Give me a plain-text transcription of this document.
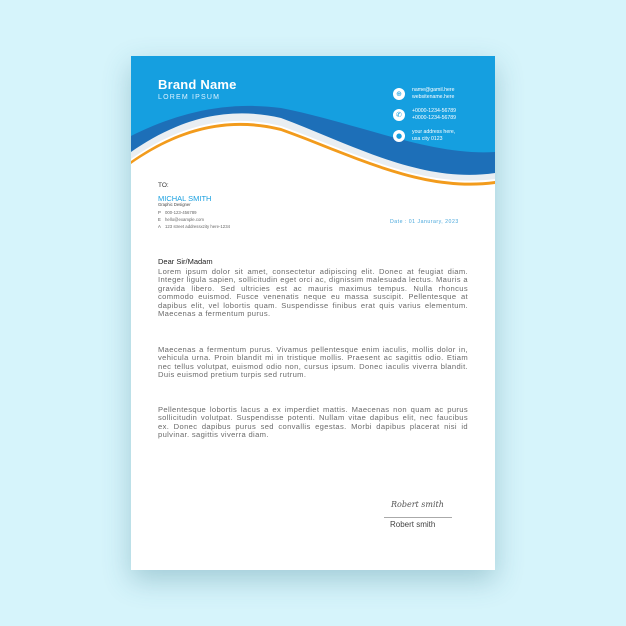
Brand Name
LOREM IPSUM	⊕	name@gamil.here
websitename.here
✆	+0000-1234-56789
+0000-1234-56789
●	your address here,
usa city 0123
TO:
MICHAL SMITH
Graphic Designer
P 000-123-456789
E hello@example.com
A 123 street addressxzity here-1234
Date : 01 Janurary, 2023
Dear Sir/Madam

Lorem ipsum dolor sit amet, consectetur adipiscing elit. Donec at feugiat diam. Integer ligula sapien, sollicitudin eget orci ac, dignissim malesuada lectus. Mauris a gravida libero. Sed ultricies est ac mauris maximus tempus. Nulla rhoncus commodo euismod. Fusce venenatis neque eu massa suscipit. Pellentesque at dapibus elit, vel lobortis quam. Suspendisse finibus erat quis varius elementum. Maecenas a fermentum purus.

Maecenas a fermentum purus. Vivamus pellentesque enim iaculis, mollis dolor in, vehicula urna. Proin blandit mi in tristique mollis. Praesent ac sagittis odio. Etiam nec tellus volutpat, euismod odio non, cursus ipsum. Donec iaculis viverra blandit. Duis euismod pretium turpis sed rutrum.

Pellentesque lobortis lacus a ex imperdiet mattis. Maecenas non quam ac purus sollicitudin volutpat. Suspendisse potenti. Nullam vitae dapibus elit, nec faucibus ex. Donec dapibus purus sed convallis egestas. Morbi dapibus placerat nisi id pulvinar. sagittis viverra diam.

Robert smith
Robert smith
